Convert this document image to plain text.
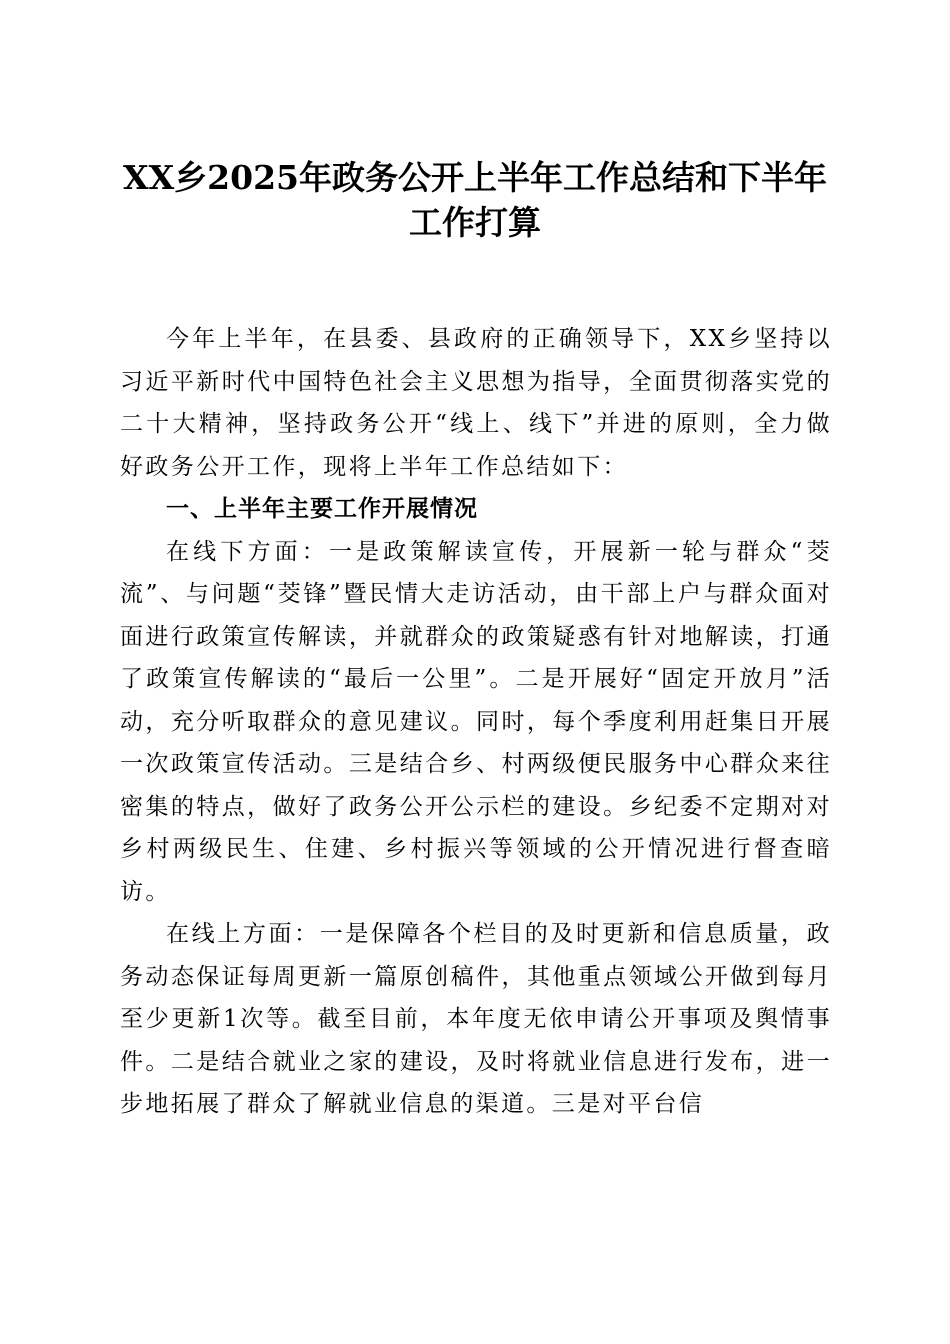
XX乡2025年政务公开上半年工作总结和下半年工作打算

今年上半年，在县委、县政府的正确领导下，XX乡坚持以习近平新时代中国特色社会主义思想为指导，全面贯彻落实党的二十大精神，坚持政务公开“线上、线下”并进的原则，全力做好政务公开工作，现将上半年工作总结如下：

一、上半年主要工作开展情况

在线下方面：一是政策解读宣传，开展新一轮与群众“茭流”、与问题“茭锋”暨民情大走访活动，由干部上户与群众面对面进行政策宣传解读，并就群众的政策疑惑有针对地解读，打通了政策宣传解读的“最后一公里”。二是开展好“固定开放月”活动，充分听取群众的意见建议。同时，每个季度利用赶集日开展一次政策宣传活动。三是结合乡、村两级便民服务中心群众来往密集的特点，做好了政务公开公示栏的建设。乡纪委不定期对对乡村两级民生、住建、乡村振兴等领域的公开情况进行督查暗访。

在线上方面：一是保障各个栏目的及时更新和信息质量，政务动态保证每周更新一篇原创稿件，其他重点领域公开做到每月至少更新1次等。截至目前，本年度无依申请公开事项及舆情事件。二是结合就业之家的建设，及时将就业信息进行发布，进一步地拓展了群众了解就业信息的渠道。三是对平台信
